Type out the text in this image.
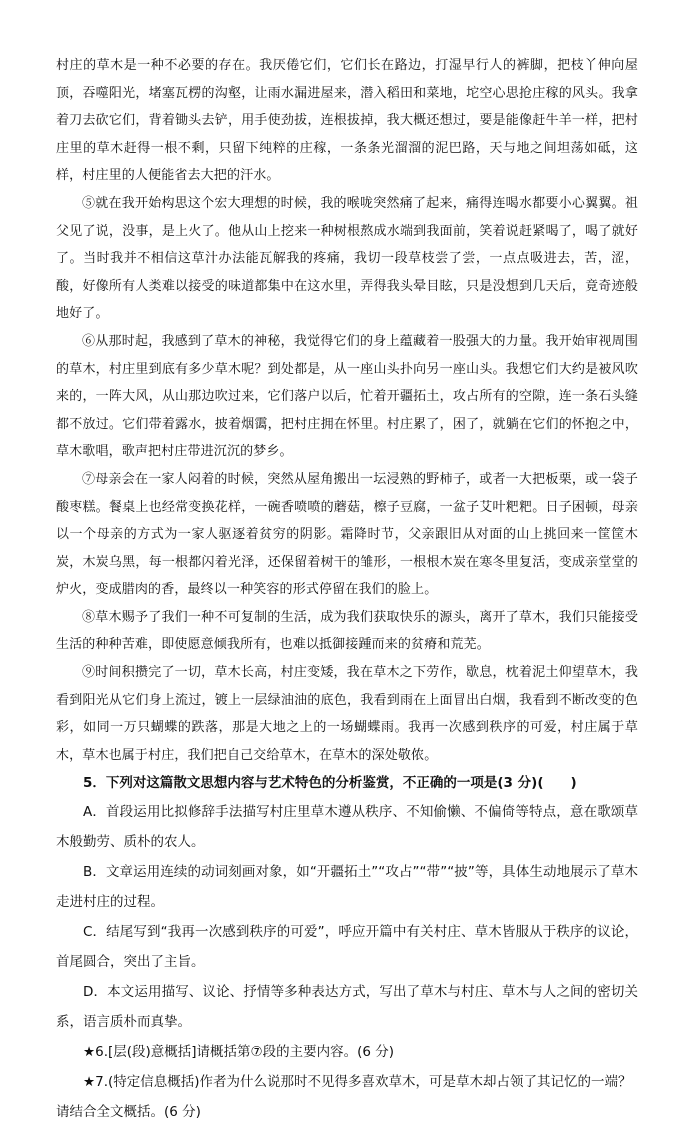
村庄的草木是一种不必要的存在。我厌倦它们，它们长在路边，打湿早行人的裤脚，把枝丫伸向屋顶，吞噬阳光，堵塞瓦楞的沟壑，让雨水漏进屋来，潜入稻田和菜地，坨空心思抢庄稼的风头。我拿着刀去砍它们，背着锄头去铲，用手使劲拔，连根拔掉，我大概还想过，要是能像赶牛羊一样，把村庄里的草木赶得一根不剩，只留下纯粹的庄稼，一条条光溜溜的泥巴路，天与地之间坦荡如砥，这样，村庄里的人便能省去大把的汗水。

⑤就在我开始构思这个宏大理想的时候，我的喉咙突然痛了起来，痛得连喝水都要小心翼翼。祖父见了说，没事，是上火了。他从山上挖来一种树根熬成水端到我面前，笑着说赶紧喝了，喝了就好了。当时我并不相信这草汁办法能瓦解我的疼痛，我切一段草枝尝了尝，一点点吸进去，苦，涩，酸，好像所有人类难以接受的味道都集中在这水里，弄得我头晕目眩，只是没想到几天后，竟奇迹般地好了。

⑥从那时起，我感到了草木的神秘，我觉得它们的身上蕴藏着一股强大的力量。我开始审视周围的草木，村庄里到底有多少草木呢？到处都是，从一座山头扑向另一座山头。我想它们大约是被风吹来的，一阵大风，从山那边吹过来，它们落户以后，忙着开疆拓土，攻占所有的空隙，连一条石头缝都不放过。它们带着露水，披着烟霭，把村庄拥在怀里。村庄累了，困了，就躺在它们的怀抱之中，草木歌唱，歌声把村庄带进沉沉的梦乡。

⑦母亲会在一家人闷着的时候，突然从屋角搬出一坛浸熟的野柿子，或者一大把板栗，或一袋子酸枣糕。餐桌上也经常变换花样，一碗香喷喷的蘑菇，檫子豆腐，一盆子艾叶粑粑。日子困顿，母亲以一个母亲的方式为一家人驱逐着贫穷的阴影。霜降时节，父亲跟旧从对面的山上挑回来一筐筐木炭，木炭乌黑，每一根都闪着光泽，还保留着树干的雏形，一根根木炭在寒冬里复活，变成亲堂堂的炉火，变成腊肉的香，最终以一种笑容的形式停留在我们的脸上。

⑧草木赐予了我们一种不可复制的生活，成为我们获取快乐的源头，离开了草木，我们只能接受生活的种种苦难，即使愿意倾我所有，也难以抵御接踵而来的贫瘠和荒芜。

⑨时间积攒完了一切，草木长高，村庄变矮，我在草木之下劳作，歇息，枕着泥土仰望草木，我看到阳光从它们身上流过，镀上一层绿油油的底色，我看到雨在上面冒出白烟，我看到不断改变的色彩，如同一万只蝴蝶的跌落，那是大地之上的一场蝴蝶雨。我再一次感到秩序的可爱，村庄属于草木，草木也属于村庄，我们把自己交给草木，在草木的深处敬侬。

5．下列对这篇散文思想内容与艺术特色的分析鉴赏，不正确的一项是(3 分)(　　)

A．首段运用比拟修辞手法描写村庄里草木遵从秩序、不知偷懒、不偏倚等特点，意在歌颂草木般勤劳、质朴的农人。

B．文章运用连续的动词刻画对象，如“开疆拓土”“攻占”“带”“披”等，具体生动地展示了草木走进村庄的过程。

C．结尾写到“我再一次感到秩序的可爱”，呼应开篇中有关村庄、草木皆服从于秩序的议论，首尾圆合，突出了主旨。

D．本文运用描写、议论、抒情等多种表达方式，写出了草木与村庄、草木与人之间的密切关系，语言质朴而真挚。

★6.[层(段)意概括]请概括第⑦段的主要内容。(6 分)

★7.(特定信息概括)作者为什么说那时不见得多喜欢草木，可是草木却占领了其记忆的一端？请结合全文概括。(6 分)
